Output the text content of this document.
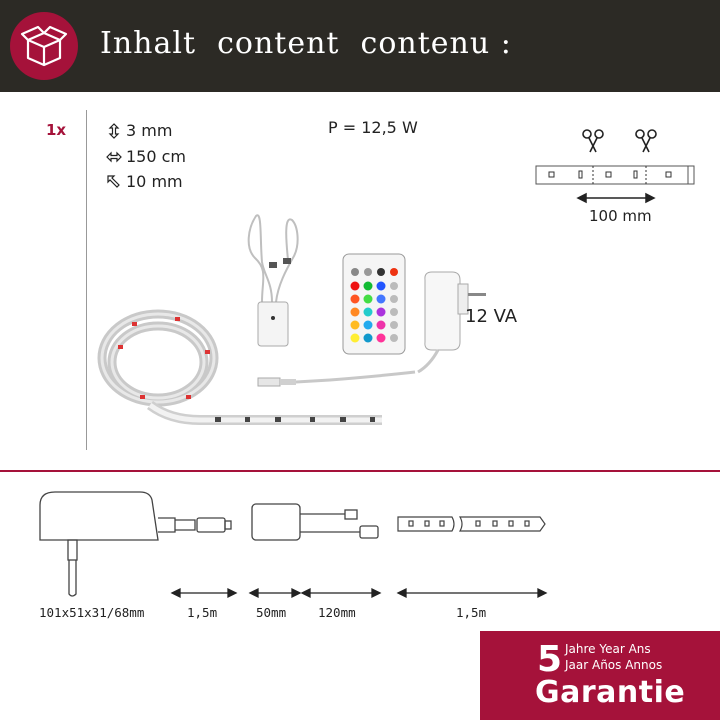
Inhalt  content  contenu :
1x	3 mm
150 cm
10 mm
P = 12,5 W
100 mm
12 VA
101x51x31/68mm	1,5m	50mm	120mm	1,5m
5 Jahre Year Ans
Jaar Años Annos
Garantie
